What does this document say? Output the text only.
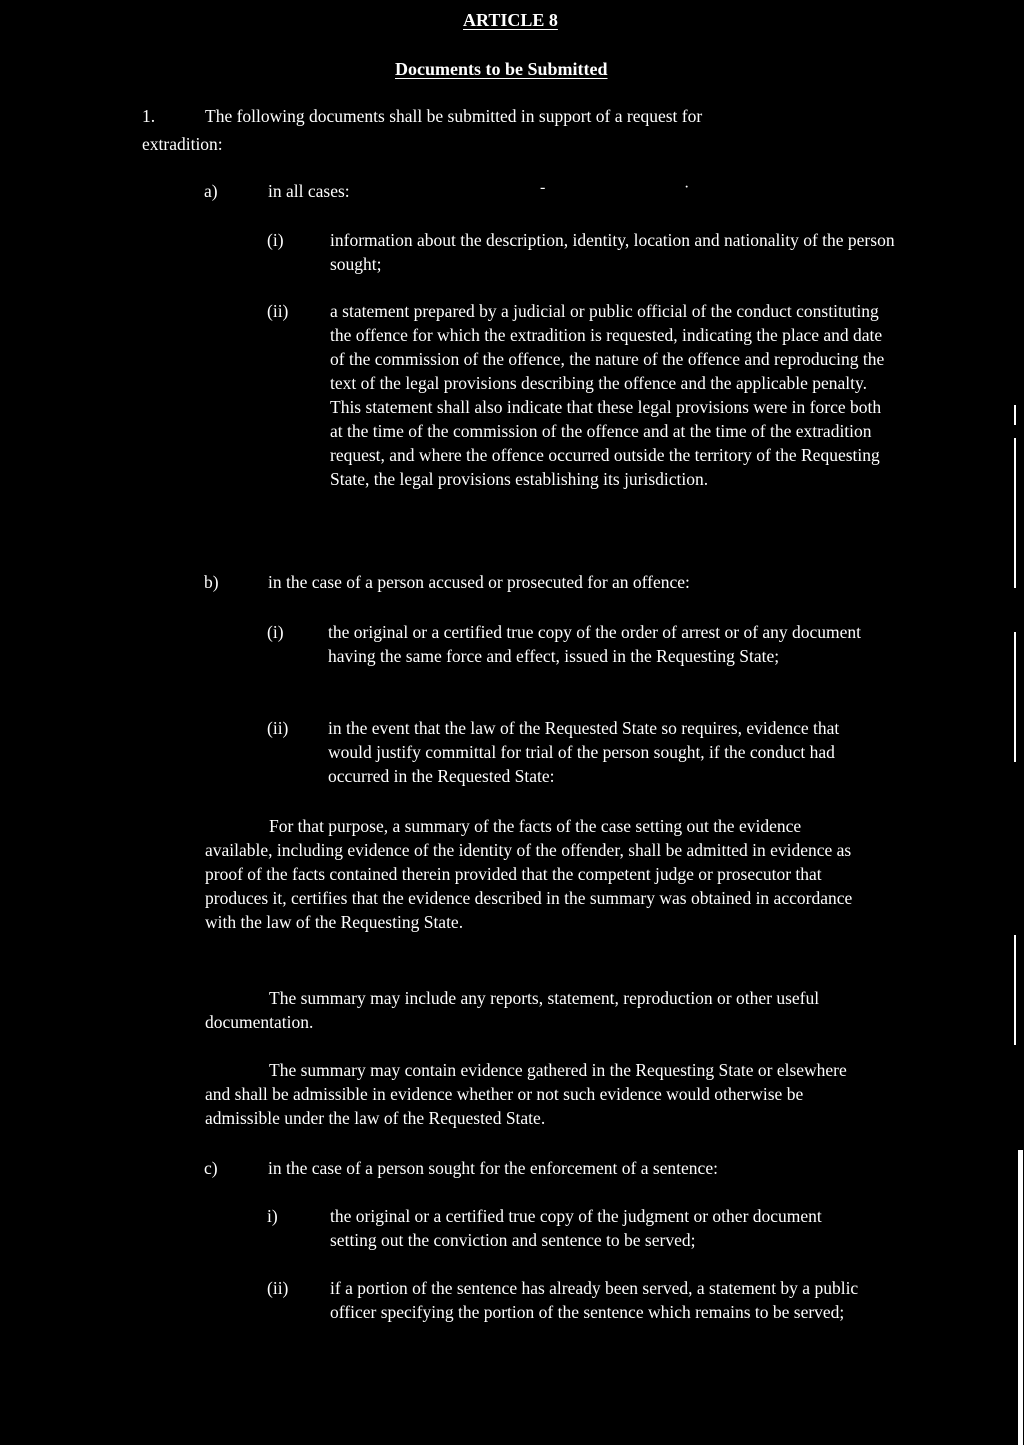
ARTICLE 8
Documents to be Submitted
1.	The following documents shall be submitted in support of a request for
extradition:
a)	in all cases:
(i)	information about the description, identity, location and nationality of the person sought;
(ii) a statement prepared by a judicial or public official of the conduct constituting the offence for which the extradition is requested, indicating the place and date of the commission of the offence, the nature of the offence and reproducing the text of the legal provisions describing the offence and the applicable penalty. This statement shall also indicate that these legal provisions were in force both at the time of the commission of the offence and at the time of the extradition request, and where the offence occurred outside the territory of the Requesting State, the legal provisions establishing its jurisdiction.
b)	in the case of a person accused or prosecuted for an offence:
(i)	the original or a certified true copy of the order of arrest or of any document having the same force and effect, issued in the Requesting State;
(ii) in the event that the law of the Requested State so requires, evidence that would justify committal for trial of the person sought, if the conduct had occurred in the Requested State:
For that purpose, a summary of the facts of the case setting out the evidence available, including evidence of the identity of the offender, shall be admitted in evidence as proof of the facts contained therein provided that the competent judge or prosecutor that produces it, certifies that the evidence described in the summary was obtained in accordance with the law of the Requesting State.
The summary may include any reports, statement, reproduction or other useful documentation.
The summary may contain evidence gathered in the Requesting State or elsewhere and shall be admissible in evidence whether or not such evidence would otherwise be admissible under the law of the Requested State.
c)	in the case of a person sought for the enforcement of a sentence:
i)	the original or a certified true copy of the judgment or other document setting out the conviction and sentence to be served;
(ii) if a portion of the sentence has already been served, a statement by a public officer specifying the portion of the sentence which remains to be served;
-	·
